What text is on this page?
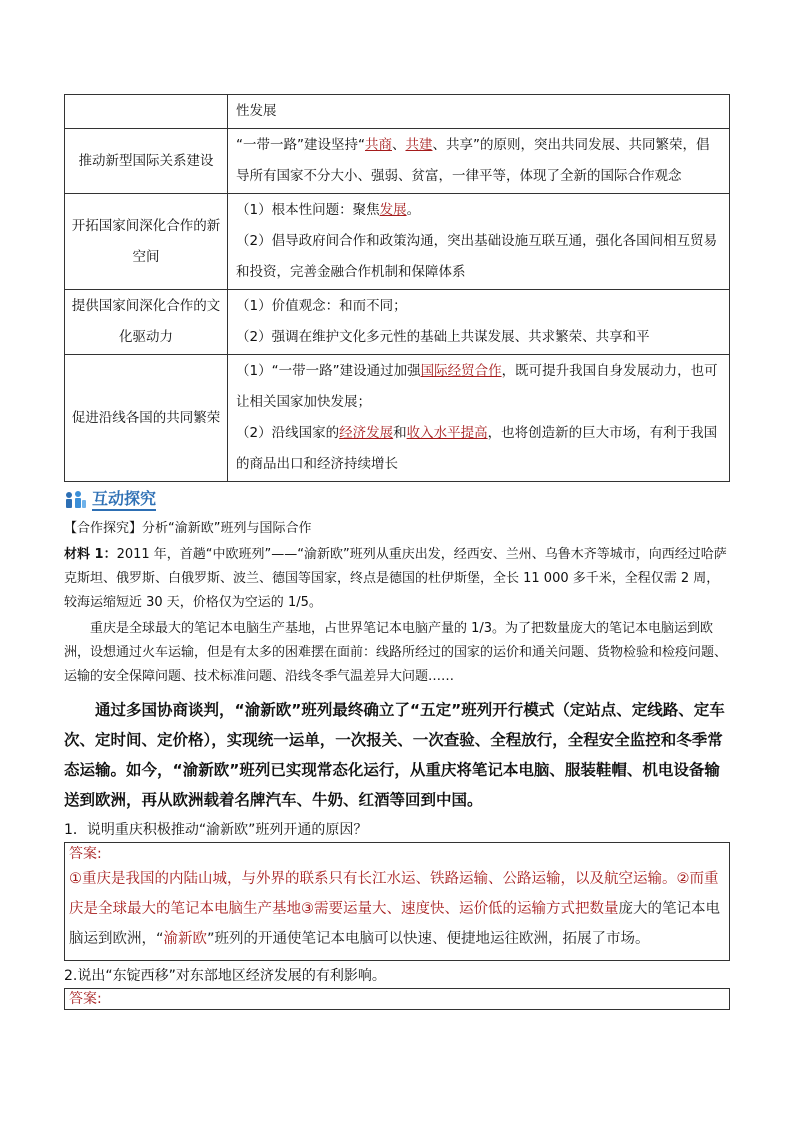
	性发展
推动新型国际关系建设	“一带一路”建设坚持“共商、共建、共享”的原则，突出共同发展、共同繁荣，倡导所有国家不分大小、强弱、贫富，一律平等，体现了全新的国际合作观念
开拓国家间深化合作的新空间	（1）根本性问题：聚焦发展。

（2）倡导政府间合作和政策沟通，突出基础设施互联互通，强化各国间相互贸易和投资，完善金融合作机制和保障体系

提供国家间深化合作的文化驱动力	（1）价值观念：和而不同；

（2）强调在维护文化多元性的基础上共谋发展、共求繁荣、共享和平

促进沿线各国的共同繁荣	（1）“一带一路”建设通过加强国际经贸合作，既可提升我国自身发展动力，也可让相关国家加快发展；

（2）沿线国家的经济发展和收入水平提高，也将创造新的巨大市场，有利于我国的商品出口和经济持续增长

互动探究
【合作探究】分析“渝新欧”班列与国际合作

材料 1：2011 年，首趟“中欧班列”——“渝新欧”班列从重庆出发，经西安、兰州、乌鲁木齐等城市，向西经过哈萨克斯坦、俄罗斯、白俄罗斯、波兰、德国等国家，终点是德国的杜伊斯堡，全长 11 000 多千米，全程仅需 2 周，较海运缩短近 30 天，价格仅为空运的 1/5。

重庆是全球最大的笔记本电脑生产基地，占世界笔记本电脑产量的 1/3。为了把数量庞大的笔记本电脑运到欧洲，设想通过火车运输，但是有太多的困难摆在面前：线路所经过的国家的运价和通关问题、货物检验和检疫问题、运输的安全保障问题、技术标准问题、沿线冬季气温差异大问题……

通过多国协商谈判，“渝新欧”班列最终确立了“五定”班列开行模式（定站点、定线路、定车次、定时间、定价格），实现统一运单，一次报关、一次查验、全程放行，全程安全监控和冬季常态运输。如今，“渝新欧”班列已实现常态化运行，从重庆将笔记本电脑、服装鞋帽、机电设备输送到欧洲，再从欧洲载着名牌汽车、牛奶、红酒等回到中国。

1．说明重庆积极推动“渝新欧”班列开通的原因？
答案:
①重庆是我国的内陆山城，与外界的联系只有长江水运、铁路运输、公路运输，以及航空运输。②而重庆是全球最大的笔记本电脑生产基地③需要运量大、速度快、运价低的运输方式把数量庞大的笔记本电脑运到欧洲，“渝新欧”班列的开通使笔记本电脑可以快速、便捷地运往欧洲，拓展了市场。
2.说出“东锭西移”对东部地区经济发展的有利影响。
答案:
